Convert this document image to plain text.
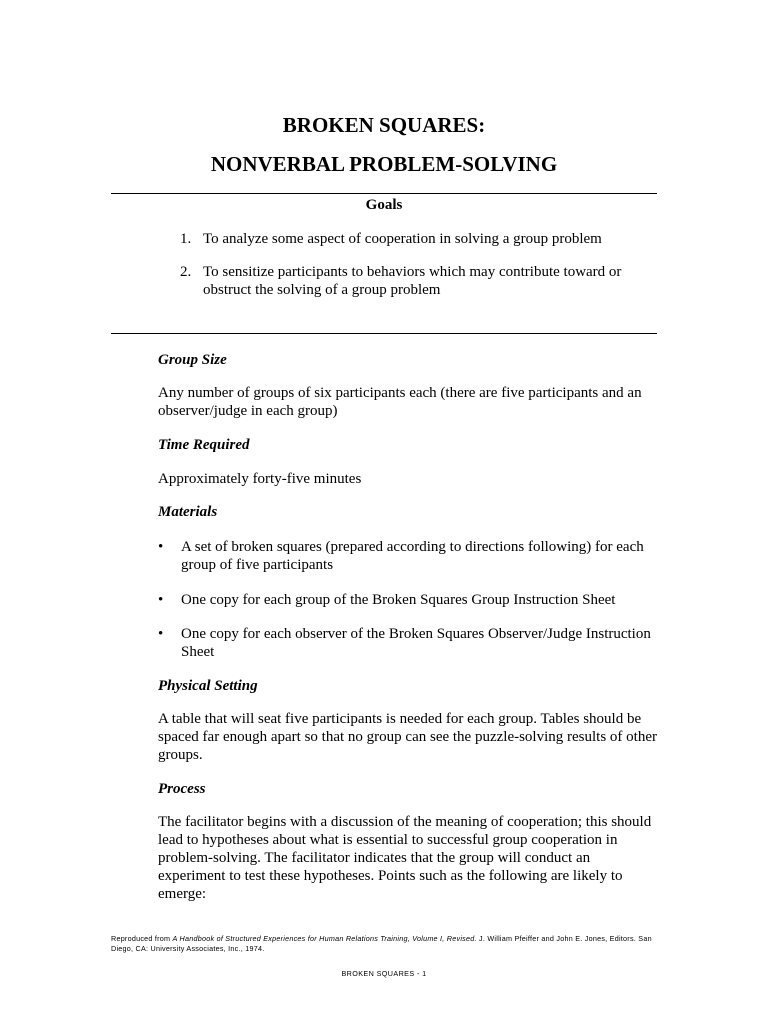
BROKEN SQUARES:
NONVERBAL PROBLEM-SOLVING
Goals
1. To analyze some aspect of cooperation in solving a group problem
2. To sensitize participants to behaviors which may contribute toward or obstruct the solving of a group problem
Group Size
Any number of groups of six participants each (there are five participants and an observer/judge in each group)
Time Required
Approximately forty-five minutes
Materials
• A set of broken squares (prepared according to directions following) for each group of five participants
• One copy for each group of the Broken Squares Group Instruction Sheet
• One copy for each observer of the Broken Squares Observer/Judge Instruction Sheet
Physical Setting
A table that will seat five participants is needed for each group. Tables should be spaced far enough apart so that no group can see the puzzle-solving results of other groups.
Process
The facilitator begins with a discussion of the meaning of cooperation; this should lead to hypotheses about what is essential to successful group cooperation in problem-solving. The facilitator indicates that the group will conduct an experiment to test these hypotheses. Points such as the following are likely to emerge:
Reproduced from A Handbook of Structured Experiences for Human Relations Training, Volume I, Revised. J. William Pfeiffer and John E. Jones, Editors. San Diego, CA: University Associates, Inc., 1974.
BROKEN SQUARES - 1
